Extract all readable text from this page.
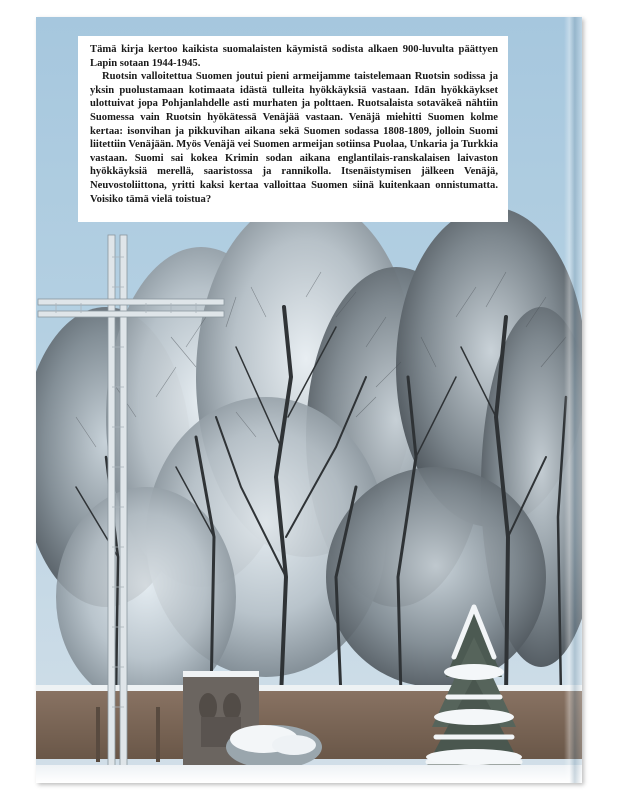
Tämä kirja kertoo kaikista suomalaisten käymistä sodista alkaen 900-luvulta päättyen Lapin sotaan 1944-1945.

Ruotsin valloitettua Suomen joutui pieni armeijamme taistelemaan Ruotsin sodissa ja yksin puolustamaan kotimaata idästä tulleita hyökkäyksiä vastaan. Idän hyökkäykset ulottuivat jopa Pohjanlahdelle asti murhaten ja polttaen. Ruotsalaista sotaväkeä nähtiin Suomessa vain Ruotsin hyökätessä Venäjää vastaan. Venäjä miehitti Suomen kolme kertaa: isonvihan ja pikkuvihan aikana sekä Suomen sodassa 1808-1809, jolloin Suomi liitettiin Venäjään. Myös Venäjä vei Suomen armeijan sotiinsa Puolaa, Unkaria ja Turkkia vastaan. Suomi sai kokea Krimin sodan aikana englantilais-ranskalaisen laivaston hyökkäyksiä merellä, saaristossa ja rannikolla. Itsenäistymisen jälkeen Venäjä, Neuvostoliittona, yritti kaksi kertaa valloittaa Suomen siinä kuitenkaan onnistumatta. Voisiko tämä vielä toistua?
